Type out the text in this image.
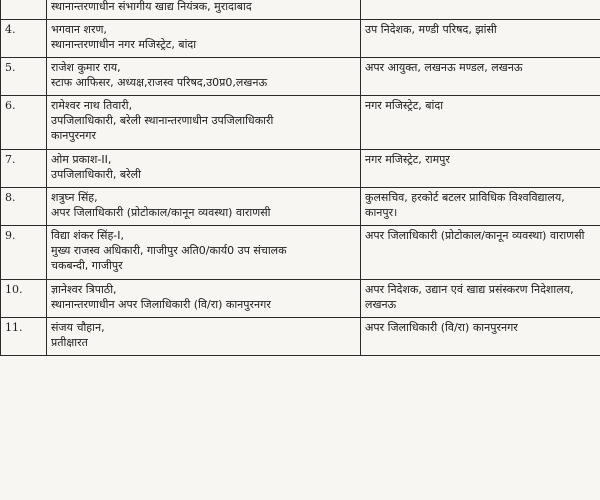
	स्थानान्तरणाधीन संभागीय खाद्य नियंत्रक, मुरादाबाद	

4.	भगवान शरण,
स्थानान्तरणाधीन नगर मजिस्ट्रेट, बांदा	उप निदेशक, मण्डी परिषद, झांसी

5.	राजेश कुमार राय,
स्टाफ आफिसर, अध्यक्ष,राजस्व परिषद,उ0प्र0,लखनऊ	अपर आयुक्त, लखनऊ मण्डल, लखनऊ

6.	रामेश्वर नाथ तिवारी,
उपजिलाधिकारी, बरेली स्थानान्तरणाधीन उपजिलाधिकारी
कानपुरनगर	नगर मजिस्ट्रेट, बांदा

7.	ओम प्रकाश-II,
उपजिलाधिकारी, बरेली	नगर मजिस्ट्रेट, रामपुर

8.	शत्रुघ्न सिंह,
अपर जिलाधिकारी (प्रोटोकाल/कानून व्यवस्था) वाराणसी	कुलसचिव, हरकोर्ट बटलर प्राविधिक विश्वविद्यालय,
कानपुर।

9.	विद्या शंकर सिंह-I,
मुख्य राजस्व अधिकारी, गाजीपुर अति0/कार्य0 उप संचालक
चकबन्दी, गाजीपुर	अपर जिलाधिकारी (प्रोटोकाल/कानून व्यवस्था) वाराणसी

10.	ज्ञानेश्वर त्रिपाठी,
स्थानान्तरणाधीन अपर जिलाधिकारी (वि/रा) कानपुरनगर	अपर निदेशक, उद्यान एवं खाद्य प्रसंस्करण निदेशालय,
लखनऊ

11.	संजय चौहान,
प्रतीक्षारत	अपर जिलाधिकारी (वि/रा) कानपुरनगर
